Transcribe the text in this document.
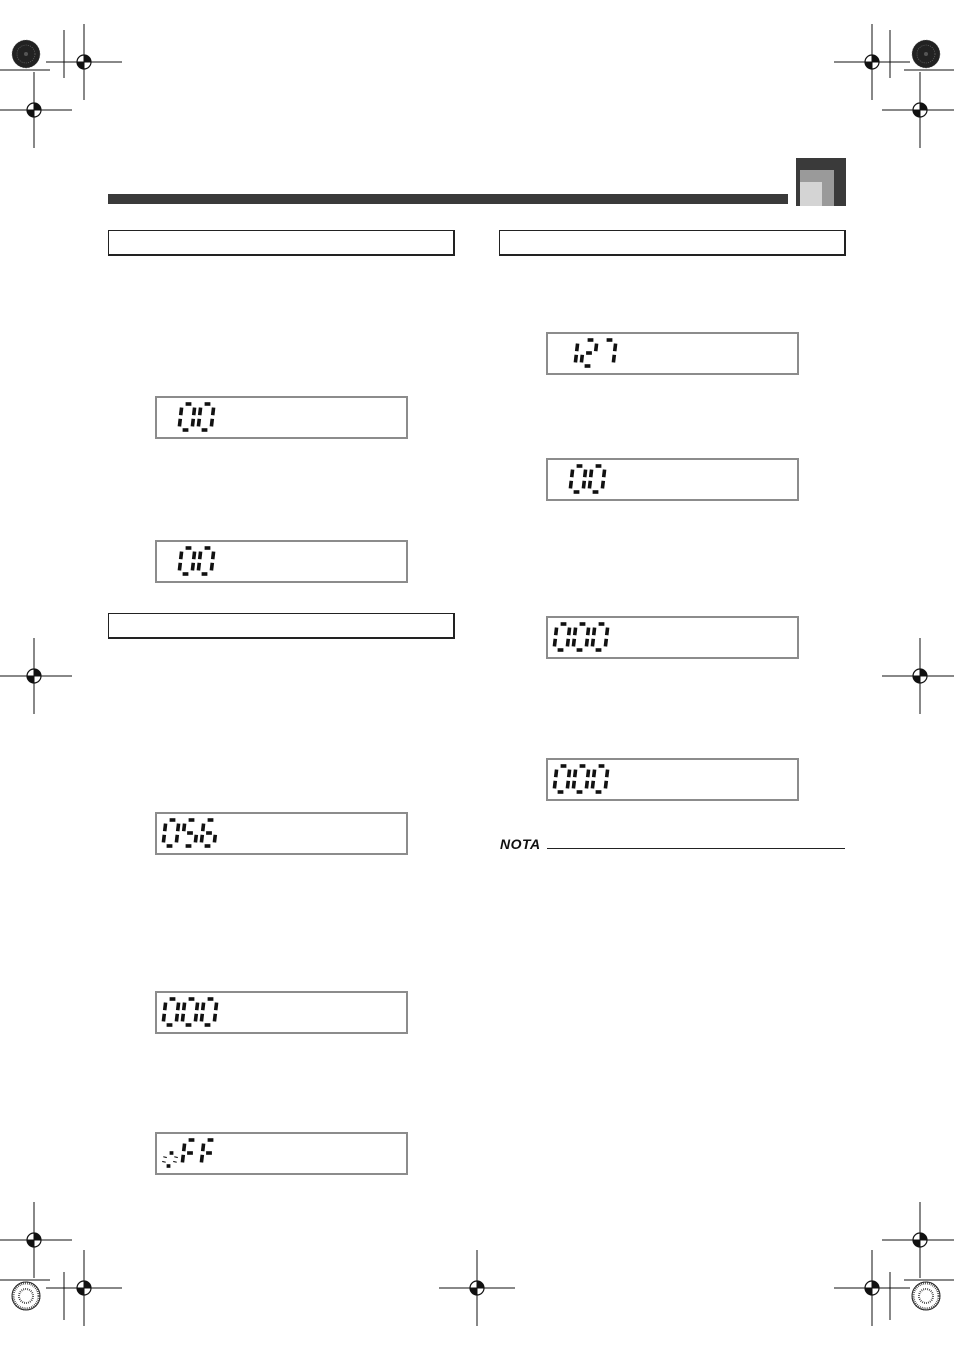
NOTA
